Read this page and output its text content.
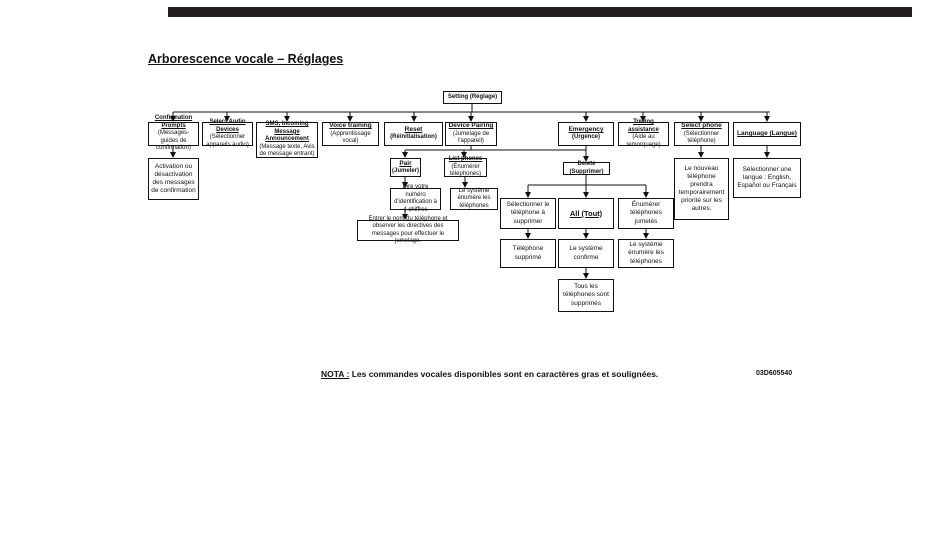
Arborescence vocale – Réglages
Setting (Réglage)
Confirmation Prompts
(Messages-guides de confirmation)
Select Audio Devices
(Sélectionner appareils audio)
SMS, Incoming Message Announcement
(Message texte, Avis de message entrant)
Voice training
(Apprentissage vocal)
Reset
(Réinitialisation)
Device Pairing
(Jumelage de l'appareil)
Emergency
(Urgence)
Towing assistance
(Aide au remorquage)
Select phone
(Sélectionner téléphone)
Language (Langue)
Activation ou désactivation des messages de confirmation
Le nouveau téléphone prendra temporairement priorité sur les autres.
Sélectionner une langue : English, Español ou Français
Pair
(Jumeler)
List phones
(Énumérer téléphones)
Dire votre numéro d'identification à 4 chiffres
Le système énumère les téléphones
Entrer le nom du téléphone et observer les directives des messages pour effectuer le jumelage.
Delete (Supprimer)
Sélectionner le téléphone à supprimer
All (Tout)
Énumérer téléphones jumelés
Téléphone supprimé
Le système confirme
Le système énumère les téléphones
Tous les téléphones sont supprimés
NOTA : Les commandes vocales disponibles sont en caractères gras et soulignées.	03D605540
